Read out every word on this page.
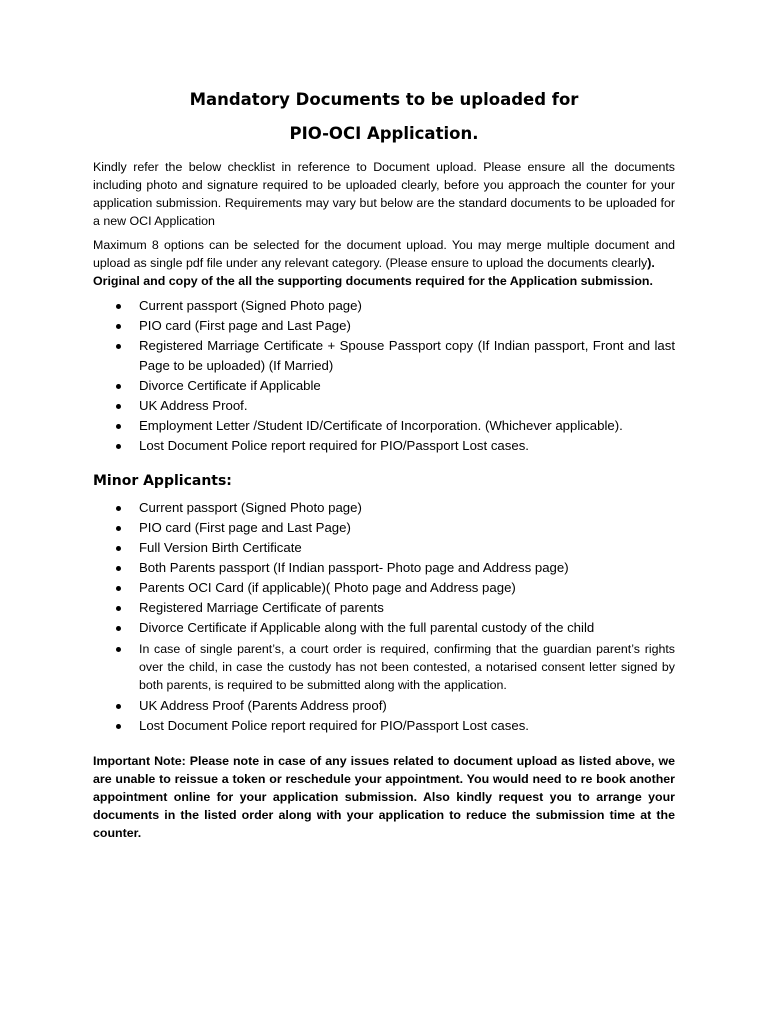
Mandatory Documents to be uploaded for
PIO-OCI Application.

Kindly refer the below checklist in reference to Document upload. Please ensure all the documents including photo and signature required to be uploaded clearly, before you approach the counter for your application submission. Requirements may vary but below are the standard documents to be uploaded for a new OCI Application

Maximum 8 options can be selected for the document upload. You may merge multiple document and upload as single pdf file under any relevant category. (Please ensure to upload the documents clearly).
Original and copy of the all the supporting documents required for the Application submission.

Current passport (Signed Photo page)
PIO card (First page and Last Page)
Registered Marriage Certificate + Spouse Passport copy (If Indian passport, Front and last Page to be uploaded) (If Married)
Divorce Certificate if Applicable
UK Address Proof.
Employment Letter /Student ID/Certificate of Incorporation. (Whichever applicable).
Lost Document Police report required for PIO/Passport Lost cases.
Minor Applicants:
Current passport (Signed Photo page)
PIO card (First page and Last Page)
Full Version Birth Certificate
Both Parents passport (If Indian passport- Photo page and Address page)
Parents OCI Card (if applicable)( Photo page and Address page)
Registered Marriage Certificate of parents
Divorce Certificate if Applicable along with the full parental custody of the child
In case of single parent’s, a court order is required, confirming that the guardian parent’s rights over the child, in case the custody has not been contested, a notarised consent letter signed by both parents, is required to be submitted along with the application.
UK Address Proof (Parents Address proof)
Lost Document Police report required for PIO/Passport Lost cases.

Important Note: Please note in case of any issues related to document upload as listed above, we are unable to reissue a token or reschedule your appointment. You would need to re book another appointment online for your application submission. Also kindly request you to arrange your documents in the listed order along with your application to reduce the submission time at the counter.
